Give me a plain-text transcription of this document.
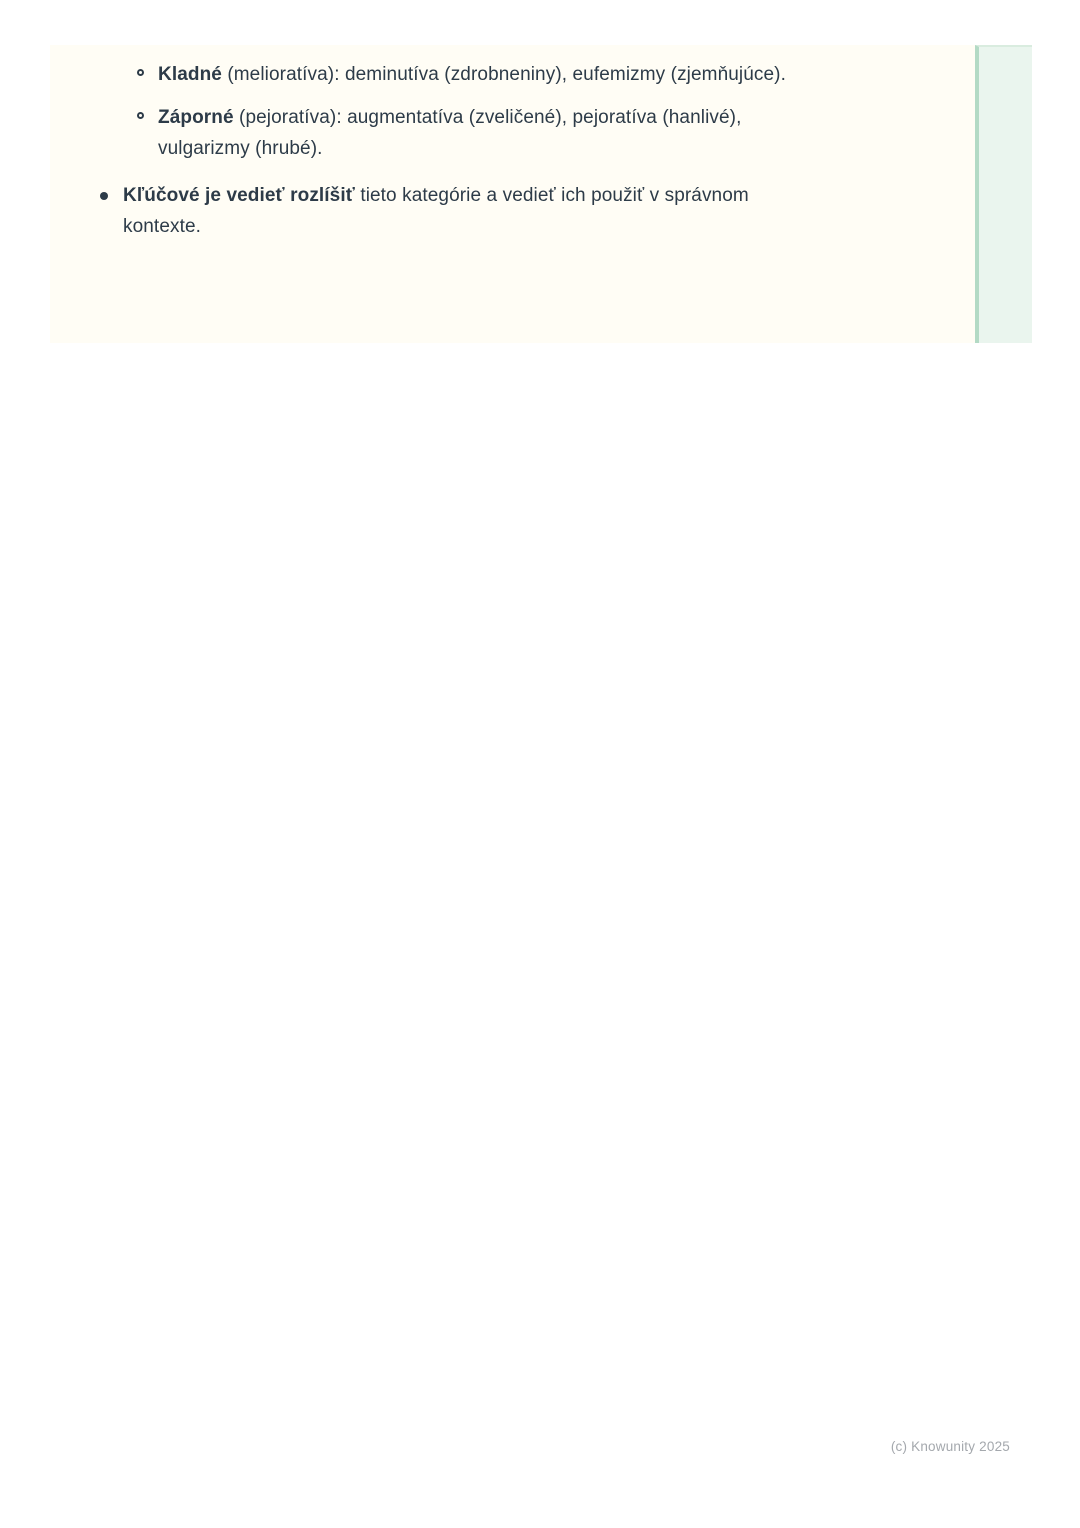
Kladné (melioratíva): deminutíva (zdrobneniny), eufemizmy (zjemňujúce).
Záporné (pejoratíva): augmentatíva (zveličené), pejoratíva (hanlivé), vulgarizmy (hrubé).
Kľúčové je vedieť rozlíšiť tieto kategórie a vedieť ich použiť v správnom kontexte.
(c) Knowunity 2025
